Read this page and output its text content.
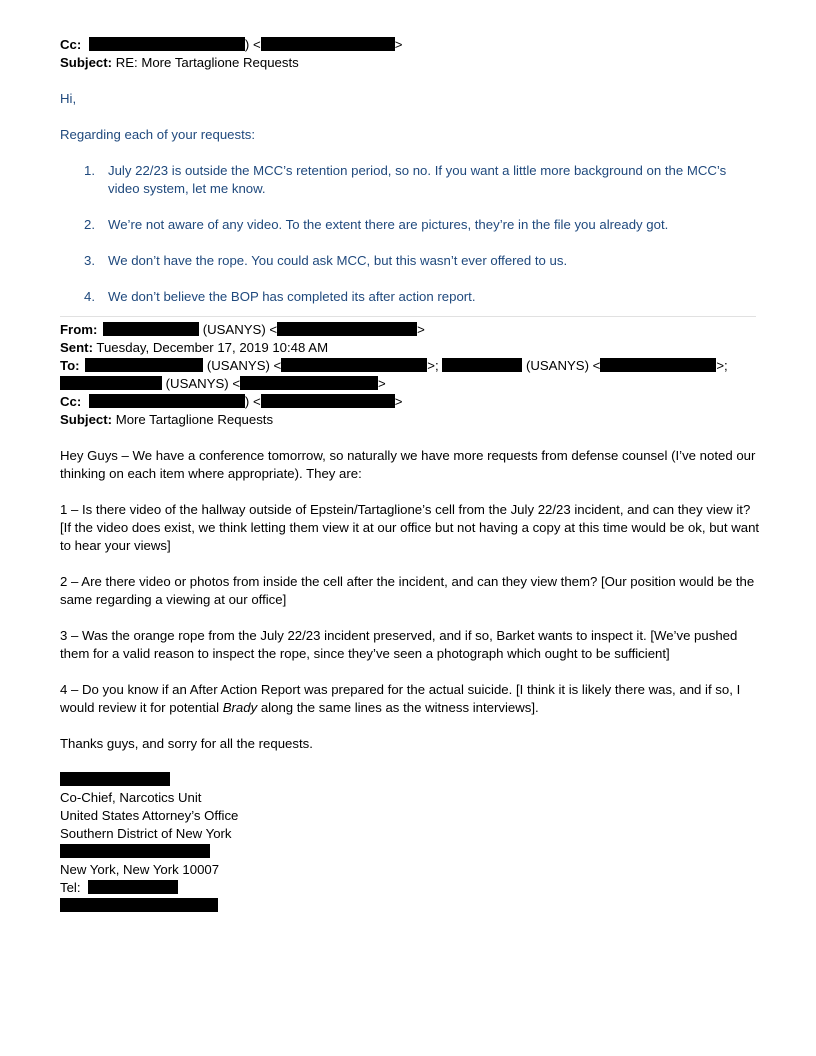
Cc:	) <	>
Subject: RE: More Tartaglione Requests
Hi,
Regarding each of your requests:
1. July 22/23 is outside the MCC’s retention period, so no. If you want a little more background on the MCC’s video system, let me know.
2. We’re not aware of any video. To the extent there are pictures, they’re in the file you already got.
3. We don’t have the rope. You could ask MCC, but this wasn’t ever offered to us.
4. We don’t believe the BOP has completed its after action report.
From:	(USANYS) <	>
Sent: Tuesday, December 17, 2019 10:48 AM
To:	(USANYS) <	>;	(USANYS) <	>;
(USANYS) <	>
Cc:	) <	>
Subject: More Tartaglione Requests
Hey Guys – We have a conference tomorrow, so naturally we have more requests from defense counsel (I’ve noted our thinking on each item where appropriate). They are:
1 – Is there video of the hallway outside of Epstein/Tartaglione’s cell from the July 22/23 incident, and can they view it? [If the video does exist, we think letting them view it at our office but not having a copy at this time would be ok, but want to hear your views]
2 – Are there video or photos from inside the cell after the incident, and can they view them? [Our position would be the same regarding a viewing at our office]
3 – Was the orange rope from the July 22/23 incident preserved, and if so, Barket wants to inspect it. [We’ve pushed them for a valid reason to inspect the rope, since they’ve seen a photograph which ought to be sufficient]
4 – Do you know if an After Action Report was prepared for the actual suicide. [I think it is likely there was, and if so, I would review it for potential Brady along the same lines as the witness interviews].
Thanks guys, and sorry for all the requests.
Co-Chief, Narcotics Unit
United States Attorney’s Office
Southern District of New York
New York, New York 10007
Tel:
